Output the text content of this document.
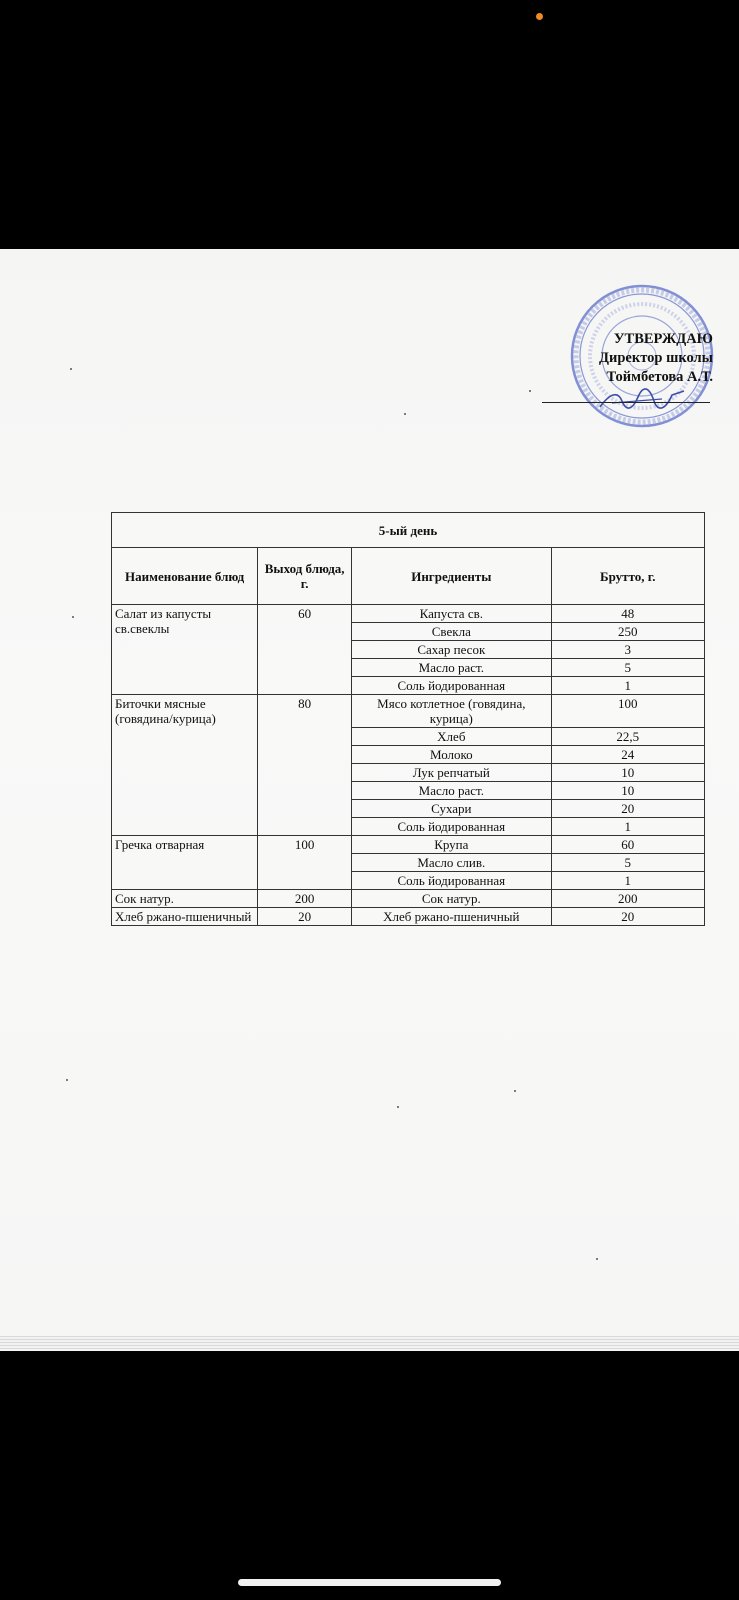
УТВЕРЖДАЮ
Директор школы
Тоймбетова А.Т.
5-ый день			
Наименование блюд	Выход блюда, г.	Ингредиенты	Брутто, г.
Салат из капусты св.свеклы	60	Капуста св.	48
		Свекла	250
		Сахар песок	3
		Масло раст.	5
		Соль йодированная	1
Биточки мясные (говядина/курица)	80	Мясо котлетное (говядина, курица)	100
		Хлеб	22,5
		Молоко	24
		Лук репчатый	10
		Масло раст.	10
		Сухари	20
		Соль йодированная	1
Гречка отварная	100	Крупа	60
		Масло слив.	5
		Соль йодированная	1
Сок натур.	200	Сок натур.	200
Хлеб ржано-пшеничный	20	Хлеб ржано-пшеничный	20
